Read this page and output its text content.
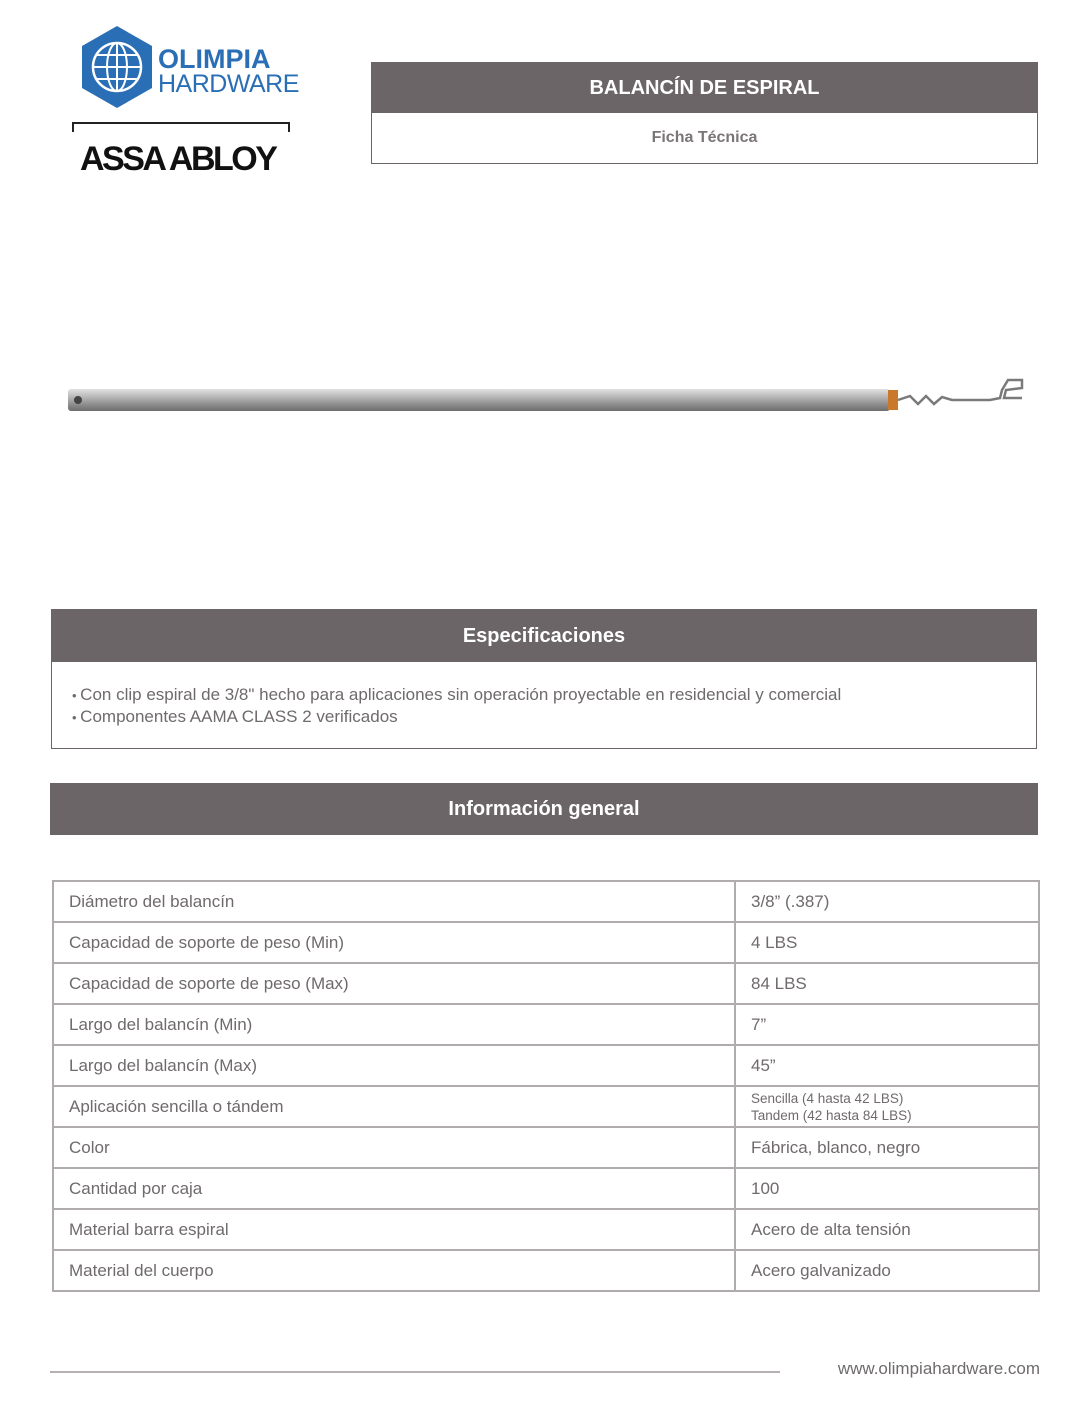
OLIMPIA
HARDWARE
ASSA ABLOY
BALANCÍN DE ESPIRAL
Ficha Técnica
Especificaciones
• Con clip espiral de 3/8" hecho para aplicaciones sin operación proyectable en residencial y comercial
• Componentes AAMA CLASS 2 verificados
Información general
Diámetro del balancín	3/8” (.387)
Capacidad de soporte de peso (Min)	4 LBS
Capacidad de soporte de peso (Max)	84 LBS
Largo del balancín (Min)	7”
Largo del balancín (Max)	45”
Aplicación sencilla o tándem	Sencilla (4 hasta 42 LBS)
Tandem (42 hasta 84 LBS)

Color	Fábrica, blanco, negro
Cantidad por caja	100
Material barra espiral	Acero de alta tensión
Material del cuerpo	Acero galvanizado
www.olimpiahardware.com
